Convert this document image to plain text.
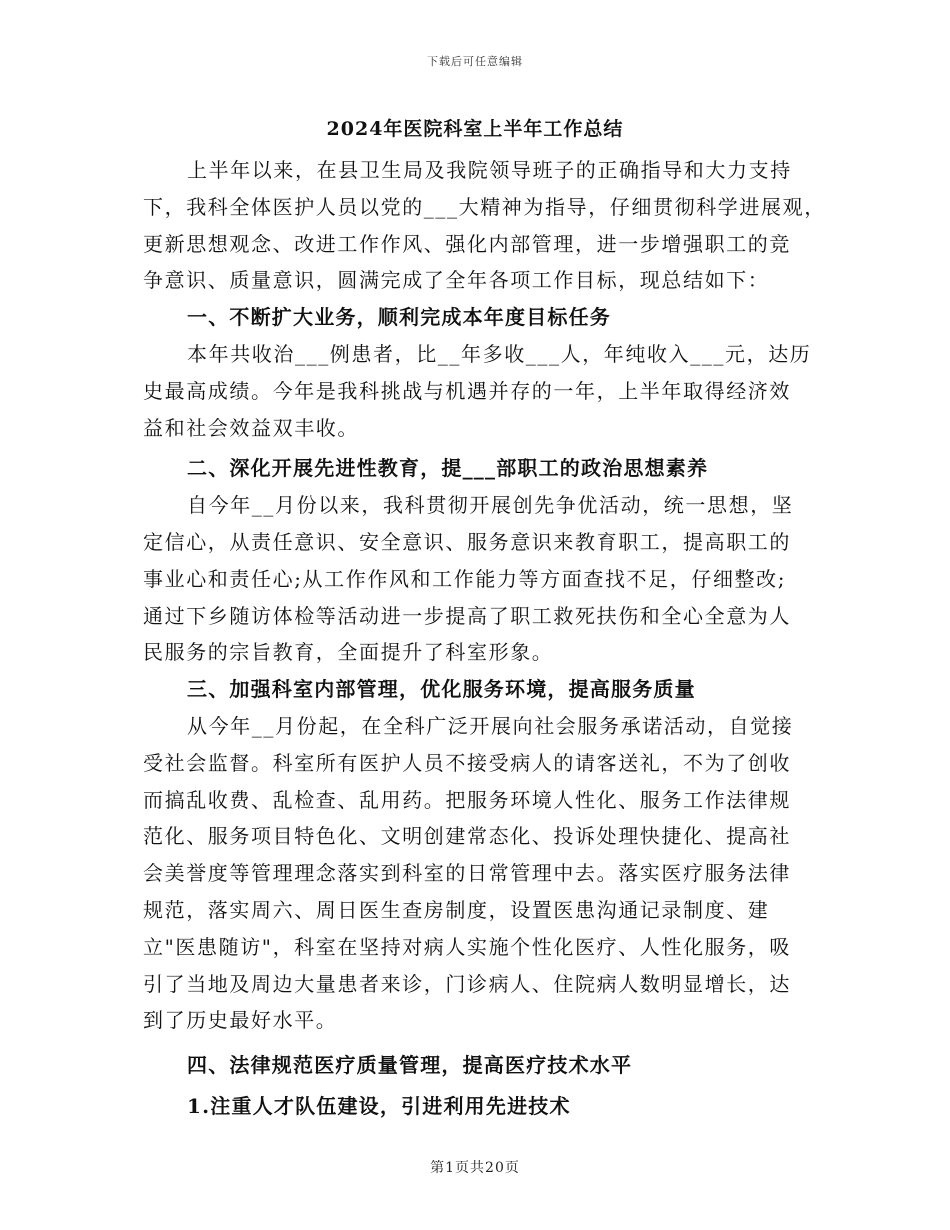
下载后可任意编辑
2024年医院科室上半年工作总结
上半年以来，在县卫生局及我院领导班子的正确指导和大力支持
下，我科全体医护人员以党的___大精神为指导，仔细贯彻科学进展观，
更新思想观念、改进工作作风、强化内部管理，进一步增强职工的竞
争意识、质量意识，圆满完成了全年各项工作目标，现总结如下：
一、不断扩大业务，顺利完成本年度目标任务
本年共收治___例患者，比__年多收___人，年纯收入___元，达历
史最高成绩。今年是我科挑战与机遇并存的一年，上半年取得经济效
益和社会效益双丰收。
二、深化开展先进性教育，提___部职工的政治思想素养
自今年__月份以来，我科贯彻开展创先争优活动，统一思想，坚
定信心，从责任意识、安全意识、服务意识来教育职工，提高职工的
事业心和责任心;从工作作风和工作能力等方面查找不足，仔细整改;
通过下乡随访体检等活动进一步提高了职工救死扶伤和全心全意为人
民服务的宗旨教育，全面提升了科室形象。
三、加强科室内部管理，优化服务环境，提高服务质量
从今年__月份起，在全科广泛开展向社会服务承诺活动，自觉接
受社会监督。科室所有医护人员不接受病人的请客送礼，不为了创收
而搞乱收费、乱检查、乱用药。把服务环境人性化、服务工作法律规
范化、服务项目特色化、文明创建常态化、投诉处理快捷化、提高社
会美誉度等管理理念落实到科室的日常管理中去。落实医疗服务法律
规范，落实周六、周日医生查房制度，设置医患沟通记录制度、建
立"医患随访"，科室在坚持对病人实施个性化医疗、人性化服务，吸
引了当地及周边大量患者来诊，门诊病人、住院病人数明显增长，达
到了历史最好水平。
四、法律规范医疗质量管理，提高医疗技术水平
1.注重人才队伍建设，引进利用先进技术
第1页共20页
